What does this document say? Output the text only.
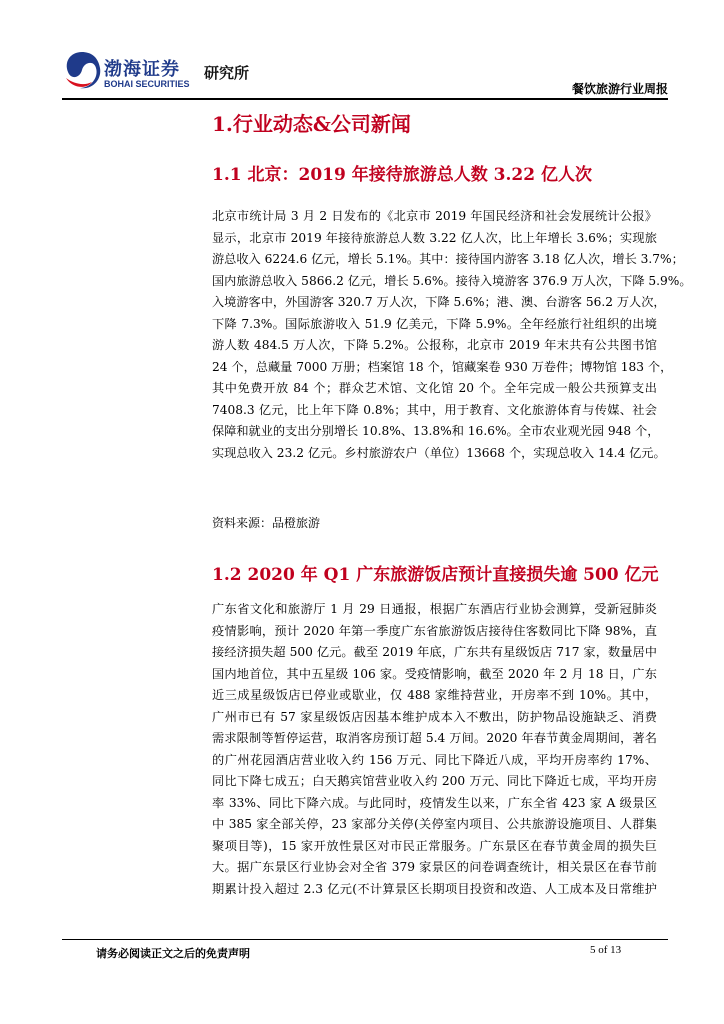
渤海证券
BOHAI SECURITIES
研究所
餐饮旅游行业周报
1.行业动态&公司新闻
1.1 北京：2019 年接待旅游总人数 3.22 亿人次
北京市统计局 3 月 2 日发布的《北京市 2019 年国民经济和社会发展统计公报》
显示，北京市 2019 年接待旅游总人数 3.22 亿人次，比上年增长 3.6%；实现旅
游总收入 6224.6 亿元，增长 5.1%。其中：接待国内游客 3.18 亿人次，增长 3.7%；
国内旅游总收入 5866.2 亿元，增长 5.6%。接待入境游客 376.9 万人次，下降 5.9%。
入境游客中，外国游客 320.7 万人次，下降 5.6%；港、澳、台游客 56.2 万人次，
下降 7.3%。国际旅游收入 51.9 亿美元，下降 5.9%。全年经旅行社组织的出境
游人数 484.5 万人次，下降 5.2%。公报称，北京市 2019 年末共有公共图书馆
24 个，总藏量 7000 万册；档案馆 18 个，馆藏案卷 930 万卷件；博物馆 183 个，
其中免费开放 84 个；群众艺术馆、文化馆 20 个。全年完成一般公共预算支出
7408.3 亿元，比上年下降 0.8%；其中，用于教育、文化旅游体育与传媒、社会
保障和就业的支出分别增长 10.8%、13.8%和 16.6%。全市农业观光园 948 个，
实现总收入 23.2 亿元。乡村旅游农户（单位）13668 个，实现总收入 14.4 亿元。
资料来源：品橙旅游
1.2 2020 年 Q1 广东旅游饭店预计直接损失逾 500 亿元
广东省文化和旅游厅 1 月 29 日通报，根据广东酒店行业协会测算，受新冠肺炎
疫情影响，预计 2020 年第一季度广东省旅游饭店接待住客数同比下降 98%，直
接经济损失超 500 亿元。截至 2019 年底，广东共有星级饭店 717 家，数量居中
国内地首位，其中五星级 106 家。受疫情影响，截至 2020 年 2 月 18 日，广东
近三成星级饭店已停业或歇业，仅 488 家维持营业，开房率不到 10%。其中，
广州市已有 57 家星级饭店因基本维护成本入不敷出，防护物品设施缺乏、消费
需求限制等暂停运营，取消客房预订超 5.4 万间。2020 年春节黄金周期间，著名
的广州花园酒店营业收入约 156 万元、同比下降近八成，平均开房率约 17%、
同比下降七成五；白天鹅宾馆营业收入约 200 万元、同比下降近七成，平均开房
率 33%、同比下降六成。与此同时，疫情发生以来，广东全省 423 家 A 级景区
中 385 家全部关停，23 家部分关停(关停室内项目、公共旅游设施项目、人群集
聚项目等)，15 家开放性景区对市民正常服务。广东景区在春节黄金周的损失巨
大。据广东景区行业协会对全省 379 家景区的问卷调查统计，相关景区在春节前
期累计投入超过 2.3 亿元(不计算景区长期项目投资和改造、人工成本及日常维护
请务必阅读正文之后的免责声明	5 of 13
